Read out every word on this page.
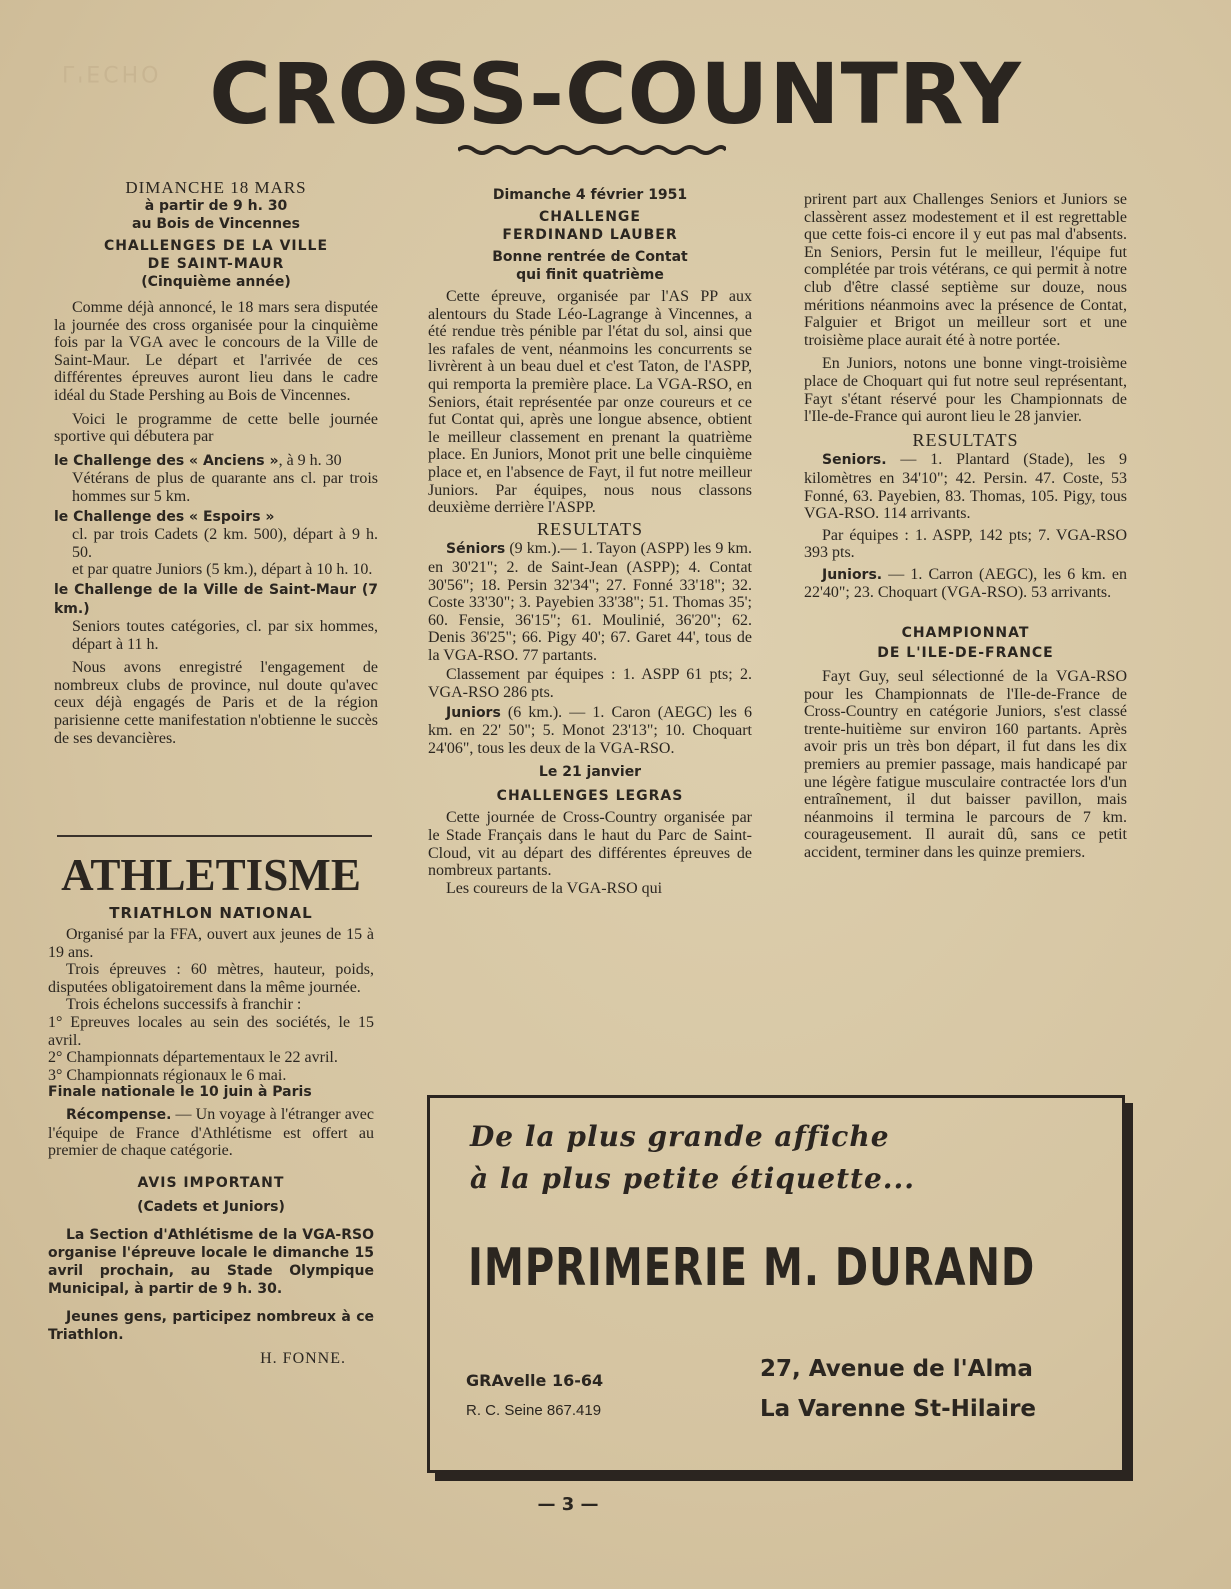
L'ECHO CROSS-COUNTRY
DIMANCHE 18 MARS
à partir de 9 h. 30
au Bois de Vincennes
CHALLENGES DE LA VILLE
DE SAINT-MAUR
(Cinquième année)

Comme déjà annoncé, le 18 mars sera disputée la journée des cross organisée pour la cinquième fois par la VGA avec le concours de la Ville de Saint-Maur. Le départ et l'arrivée de ces différentes épreuves auront lieu dans le cadre idéal du Stade Pershing au Bois de Vincennes.

Voici le programme de cette belle journée sportive qui débutera par

le Challenge des « Anciens », à 9 h. 30
Vétérans de plus de quarante ans cl. par trois hommes sur 5 km.
le Challenge des « Espoirs »
cl. par trois Cadets (2 km. 500), départ à 9 h. 50.
et par quatre Juniors (5 km.), départ à 10 h. 10.
le Challenge de la Ville de Saint-Maur (7 km.)
Seniors toutes catégories, cl. par six hommes, départ à 11 h.

Nous avons enregistré l'engagement de nombreux clubs de province, nul doute qu'avec ceux déjà engagés de Paris et de la région parisienne cette manifestation n'obtienne le succès de ses devancières.

ATHLETISME
TRIATHLON NATIONAL

Organisé par la FFA, ouvert aux jeunes de 15 à 19 ans.

Trois épreuves : 60 mètres, hauteur, poids, disputées obligatoirement dans la même journée.

Trois échelons successifs à franchir :

1° Epreuves locales au sein des sociétés, le 15 avril.
2° Championnats départementaux le 22 avril.
3° Championnats régionaux le 6 mai.
Finale nationale le 10 juin à Paris

Récompense. — Un voyage à l'étranger avec l'équipe de France d'Athlétisme est offert au premier de chaque catégorie.

AVIS IMPORTANT
(Cadets et Juniors)

La Section d'Athlétisme de la VGA-RSO organise l'épreuve locale le dimanche 15 avril prochain, au Stade Olympique Municipal, à partir de 9 h. 30.

Jeunes gens, participez nombreux à ce Triathlon.

H. FONNE.
Dimanche 4 février 1951
CHALLENGE
FERDINAND LAUBER
Bonne rentrée de Contat
qui finit quatrième

Cette épreuve, organisée par l'AS PP aux alentours du Stade Léo-Lagrange à Vincennes, a été rendue très pénible par l'état du sol, ainsi que les rafales de vent, néanmoins les concurrents se livrèrent à un beau duel et c'est Taton, de l'ASPP, qui remporta la première place. La VGA-RSO, en Seniors, était représentée par onze coureurs et ce fut Contat qui, après une longue absence, obtient le meilleur classement en prenant la quatrième place. En Juniors, Monot prit une belle cinquième place et, en l'absence de Fayt, il fut notre meilleur Juniors. Par équipes, nous nous classons deuxième derrière l'ASPP.

RESULTATS

Séniors (9 km.).— 1. Tayon (ASPP) les 9 km. en 30'21"; 2. de Saint-Jean (ASPP); 4. Contat 30'56"; 18. Persin 32'34"; 27. Fonné 33'18"; 32. Coste 33'30"; 3. Payebien 33'38"; 51. Thomas 35'; 60. Fensie, 36'15"; 61. Moulinié, 36'20"; 62. Denis 36'25"; 66. Pigy 40'; 67. Garet 44', tous de la VGA-RSO. 77 partants.

Classement par équipes : 1. ASPP 61 pts; 2. VGA-RSO 286 pts.

Juniors (6 km.). — 1. Caron (AEGC) les 6 km. en 22' 50"; 5. Monot 23'13"; 10. Choquart 24'06", tous les deux de la VGA-RSO.

Le 21 janvier
CHALLENGES LEGRAS

Cette journée de Cross-Country organisée par le Stade Français dans le haut du Parc de Saint-Cloud, vit au départ des différentes épreuves de nombreux partants.

Les coureurs de la VGA-RSO qui

prirent part aux Challenges Seniors et Juniors se classèrent assez modestement et il est regrettable que cette fois-ci encore il y eut pas mal d'absents. En Seniors, Persin fut le meilleur, l'équipe fut complétée par trois vétérans, ce qui permit à notre club d'être classé septième sur douze, nous méritions néanmoins avec la présence de Contat, Falguier et Brigot un meilleur sort et une troisième place aurait été à notre portée.

En Juniors, notons une bonne vingt-troisième place de Choquart qui fut notre seul représentant, Fayt s'étant réservé pour les Championnats de l'Ile-de-France qui auront lieu le 28 janvier.

RESULTATS

Seniors. — 1. Plantard (Stade), les 9 kilomètres en 34'10"; 42. Persin. 47. Coste, 53 Fonné, 63. Payebien, 83. Thomas, 105. Pigy, tous VGA-RSO. 114 arrivants.

Par équipes : 1. ASPP, 142 pts; 7. VGA-RSO 393 pts.

Juniors. — 1. Carron (AEGC), les 6 km. en 22'40"; 23. Choquart (VGA-RSO). 53 arrivants.

CHAMPIONNAT
DE L'ILE-DE-FRANCE

Fayt Guy, seul sélectionné de la VGA-RSO pour les Championnats de l'Ile-de-France de Cross-Country en catégorie Juniors, s'est classé trente-huitième sur environ 160 partants. Après avoir pris un très bon départ, il fut dans les dix premiers au premier passage, mais handicapé par une légère fatigue musculaire contractée lors d'un entraînement, il dut baisser pavillon, mais néanmoins il termina le parcours de 7 km. courageusement. Il aurait dû, sans ce petit accident, terminer dans les quinze premiers.

De la plus grande affiche
à la plus petite étiquette...
IMPRIMERIE M. DURAND
GRAvelle 16-64
R. C. Seine 867.419
27, Avenue de l'Alma
La Varenne St-Hilaire
— 3 —
